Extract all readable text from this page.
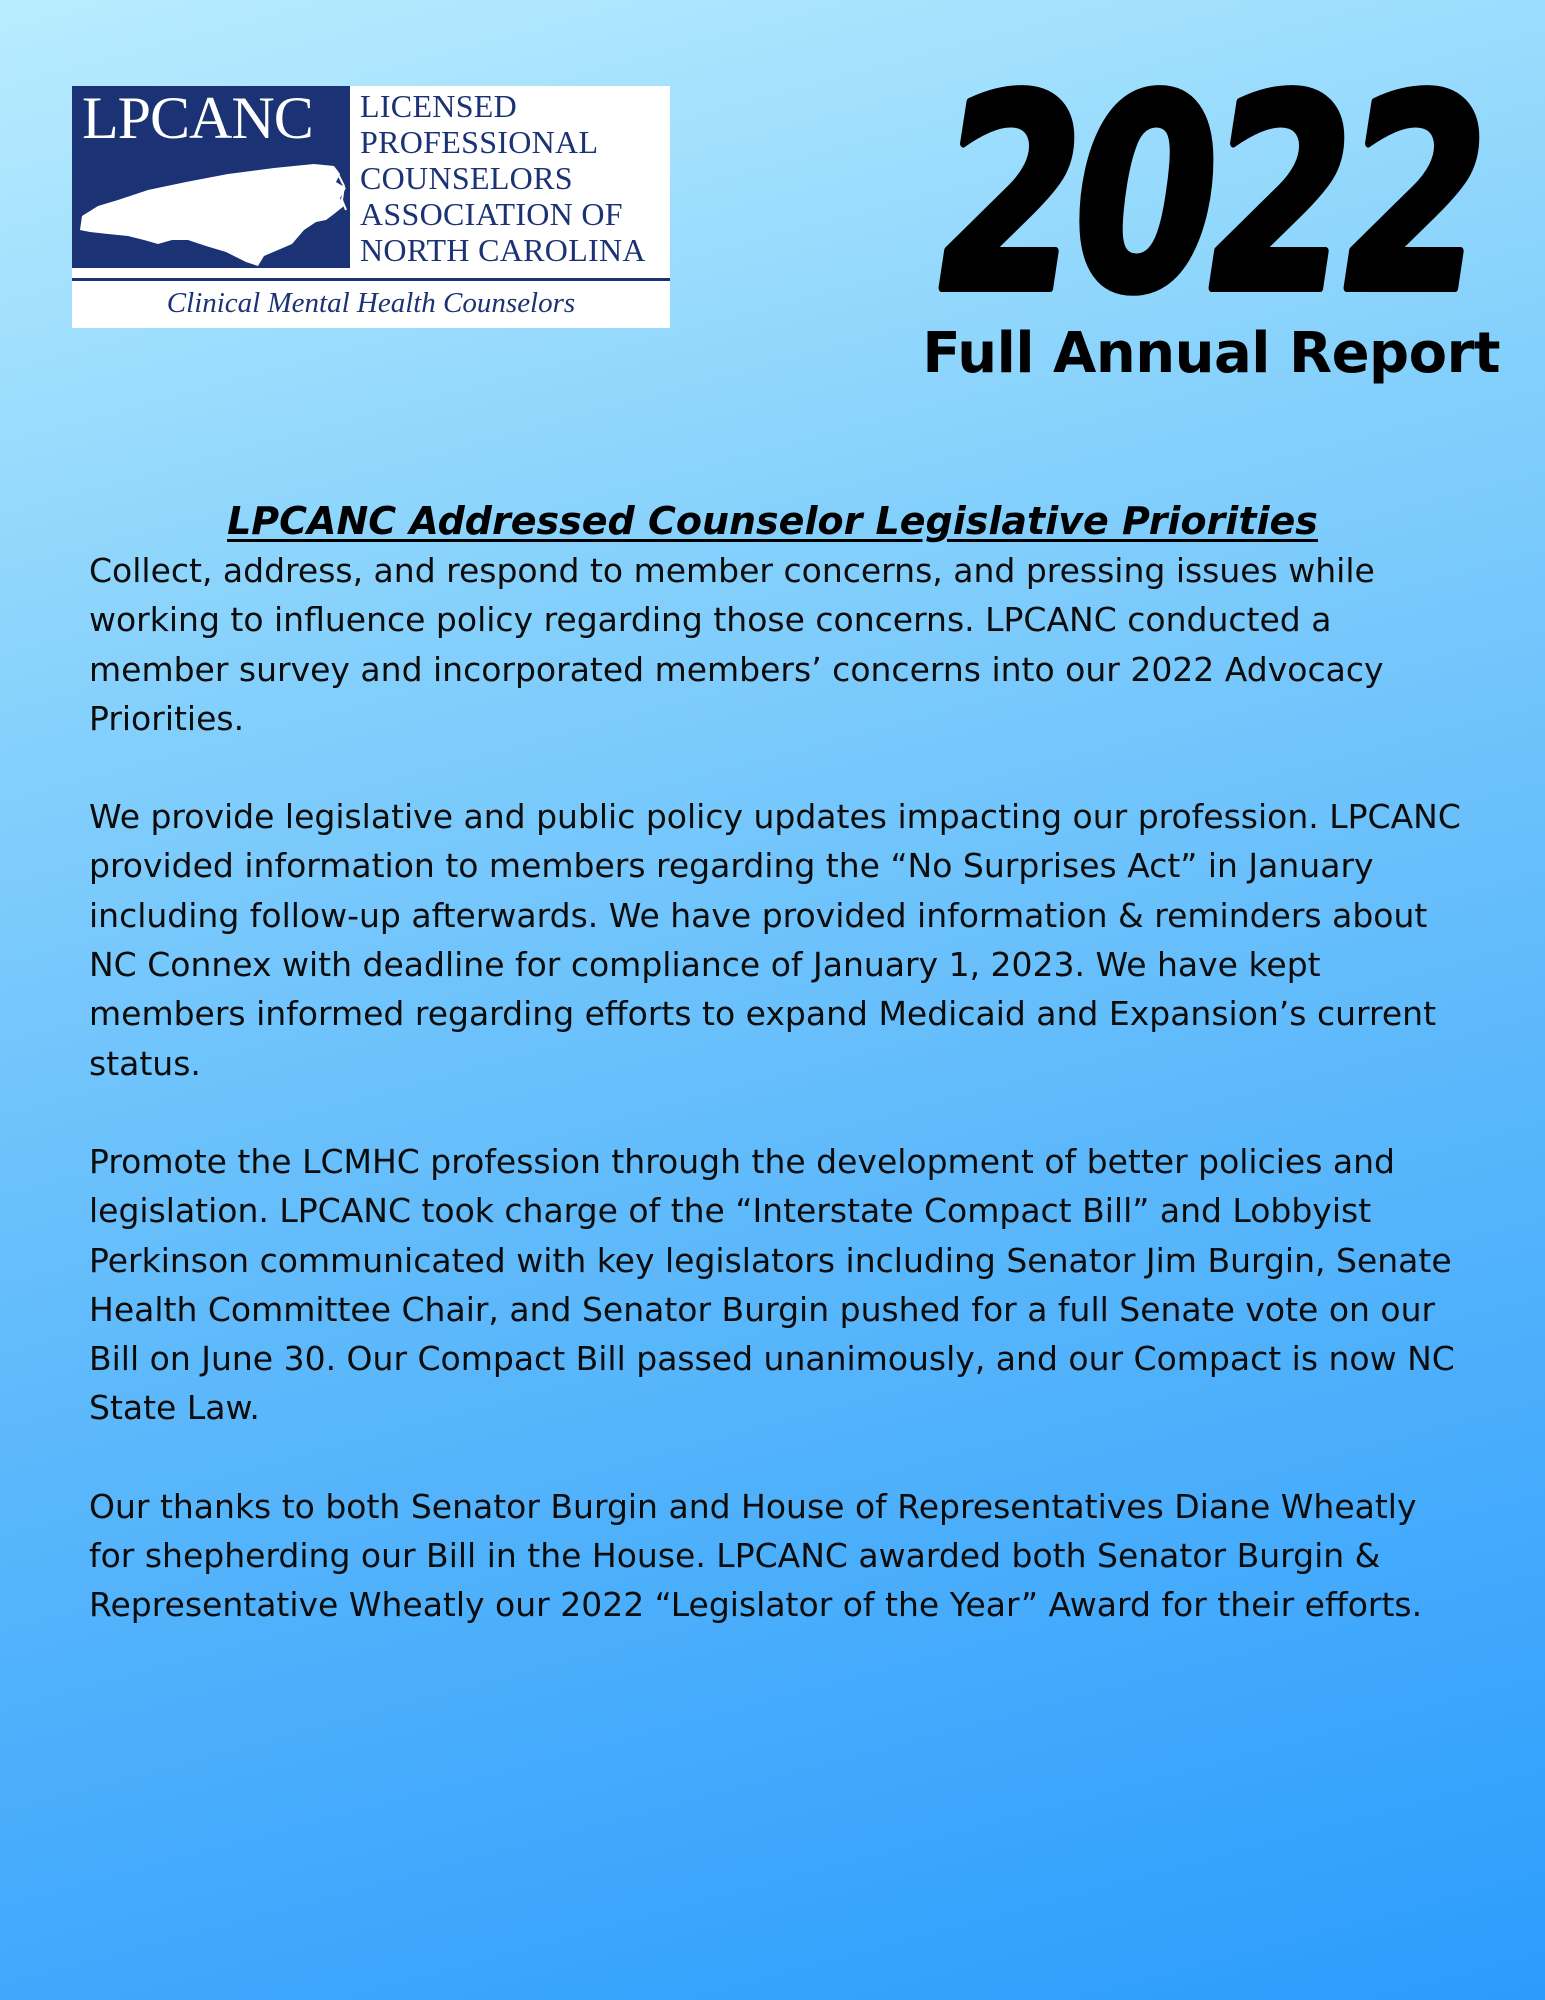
LPCANC LICENSED
PROFESSIONAL
COUNSELORS
ASSOCIATION OF
NORTH CAROLINA
Clinical Mental Health Counselors	2022
Full Annual Report
LPCANC Addressed Counselor Legislative Priorities

Collect, address, and respond to member concerns, and pressing issues while working to influence policy regarding those concerns. LPCANC conducted a member survey and incorporated members’ concerns into our 2022 Advocacy Priorities.

We provide legislative and public policy updates impacting our profession. LPCANC provided information to members regarding the “No Surprises Act” in January including follow-up afterwards. We have provided information & reminders about NC Connex with deadline for compliance of January 1, 2023. We have kept members informed regarding efforts to expand Medicaid and Expansion’s current status.

Promote the LCMHC profession through the development of better policies and legislation. LPCANC took charge of the “Interstate Compact Bill” and Lobbyist Perkinson communicated with key legislators including Senator Jim Burgin, Senate Health Committee Chair, and Senator Burgin pushed for a full Senate vote on our Bill on June 30. Our Compact Bill passed unanimously, and our Compact is now NC State Law.

Our thanks to both Senator Burgin and House of Representatives Diane Wheatly for shepherding our Bill in the House. LPCANC awarded both Senator Burgin & Representative Wheatly our 2022 “Legislator of the Year” Award for their efforts.
